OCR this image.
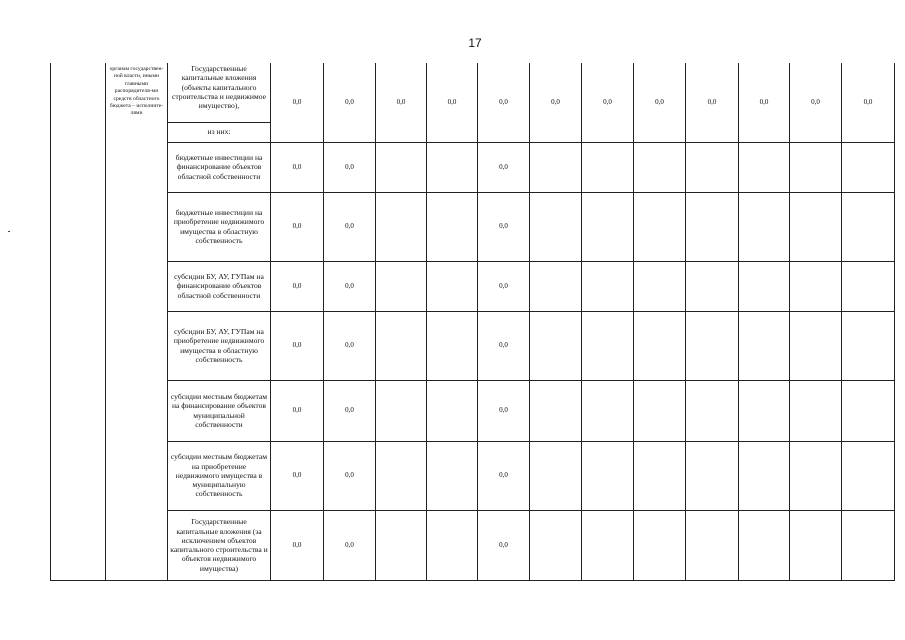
17
	органам государствен-ной власти, иными главными распорядителя-ми средств областного бюджета – исполните-лями	Государственные капитальные вложения (объекты капитального строительства и недвижимое имущество),	0,0	0,0	0,0	0,0	0,0	0,0	0,0	0,0	0,0	0,0	0,0	0,0

		из них:												

		бюджетные инвестиции на финансирование объектов областной собственности	0,0	0,0			0,0							

		бюджетные инвестиции на приобретение недвижимого имущества в областную собственность	0,0	0,0			0,0							

		субсидии БУ, АУ, ГУПам на финансирование объектов областной собственности	0,0	0,0			0,0							

		субсидии БУ, АУ, ГУПам на приобретение недвижимого имущества в областную собственность	0,0	0,0			0,0							

		субсидии местным бюджетам на финансирование объектов муниципальной собственности	0,0	0,0			0,0							

		субсидии местным бюджетам на приобретение недвижимого имущества в муниципальную собственность	0,0	0,0			0,0							

		Государственные капитальные вложения (за исключением объектов капитального строительства и объектов недвижимого имущества)	0,0	0,0			0,0							
